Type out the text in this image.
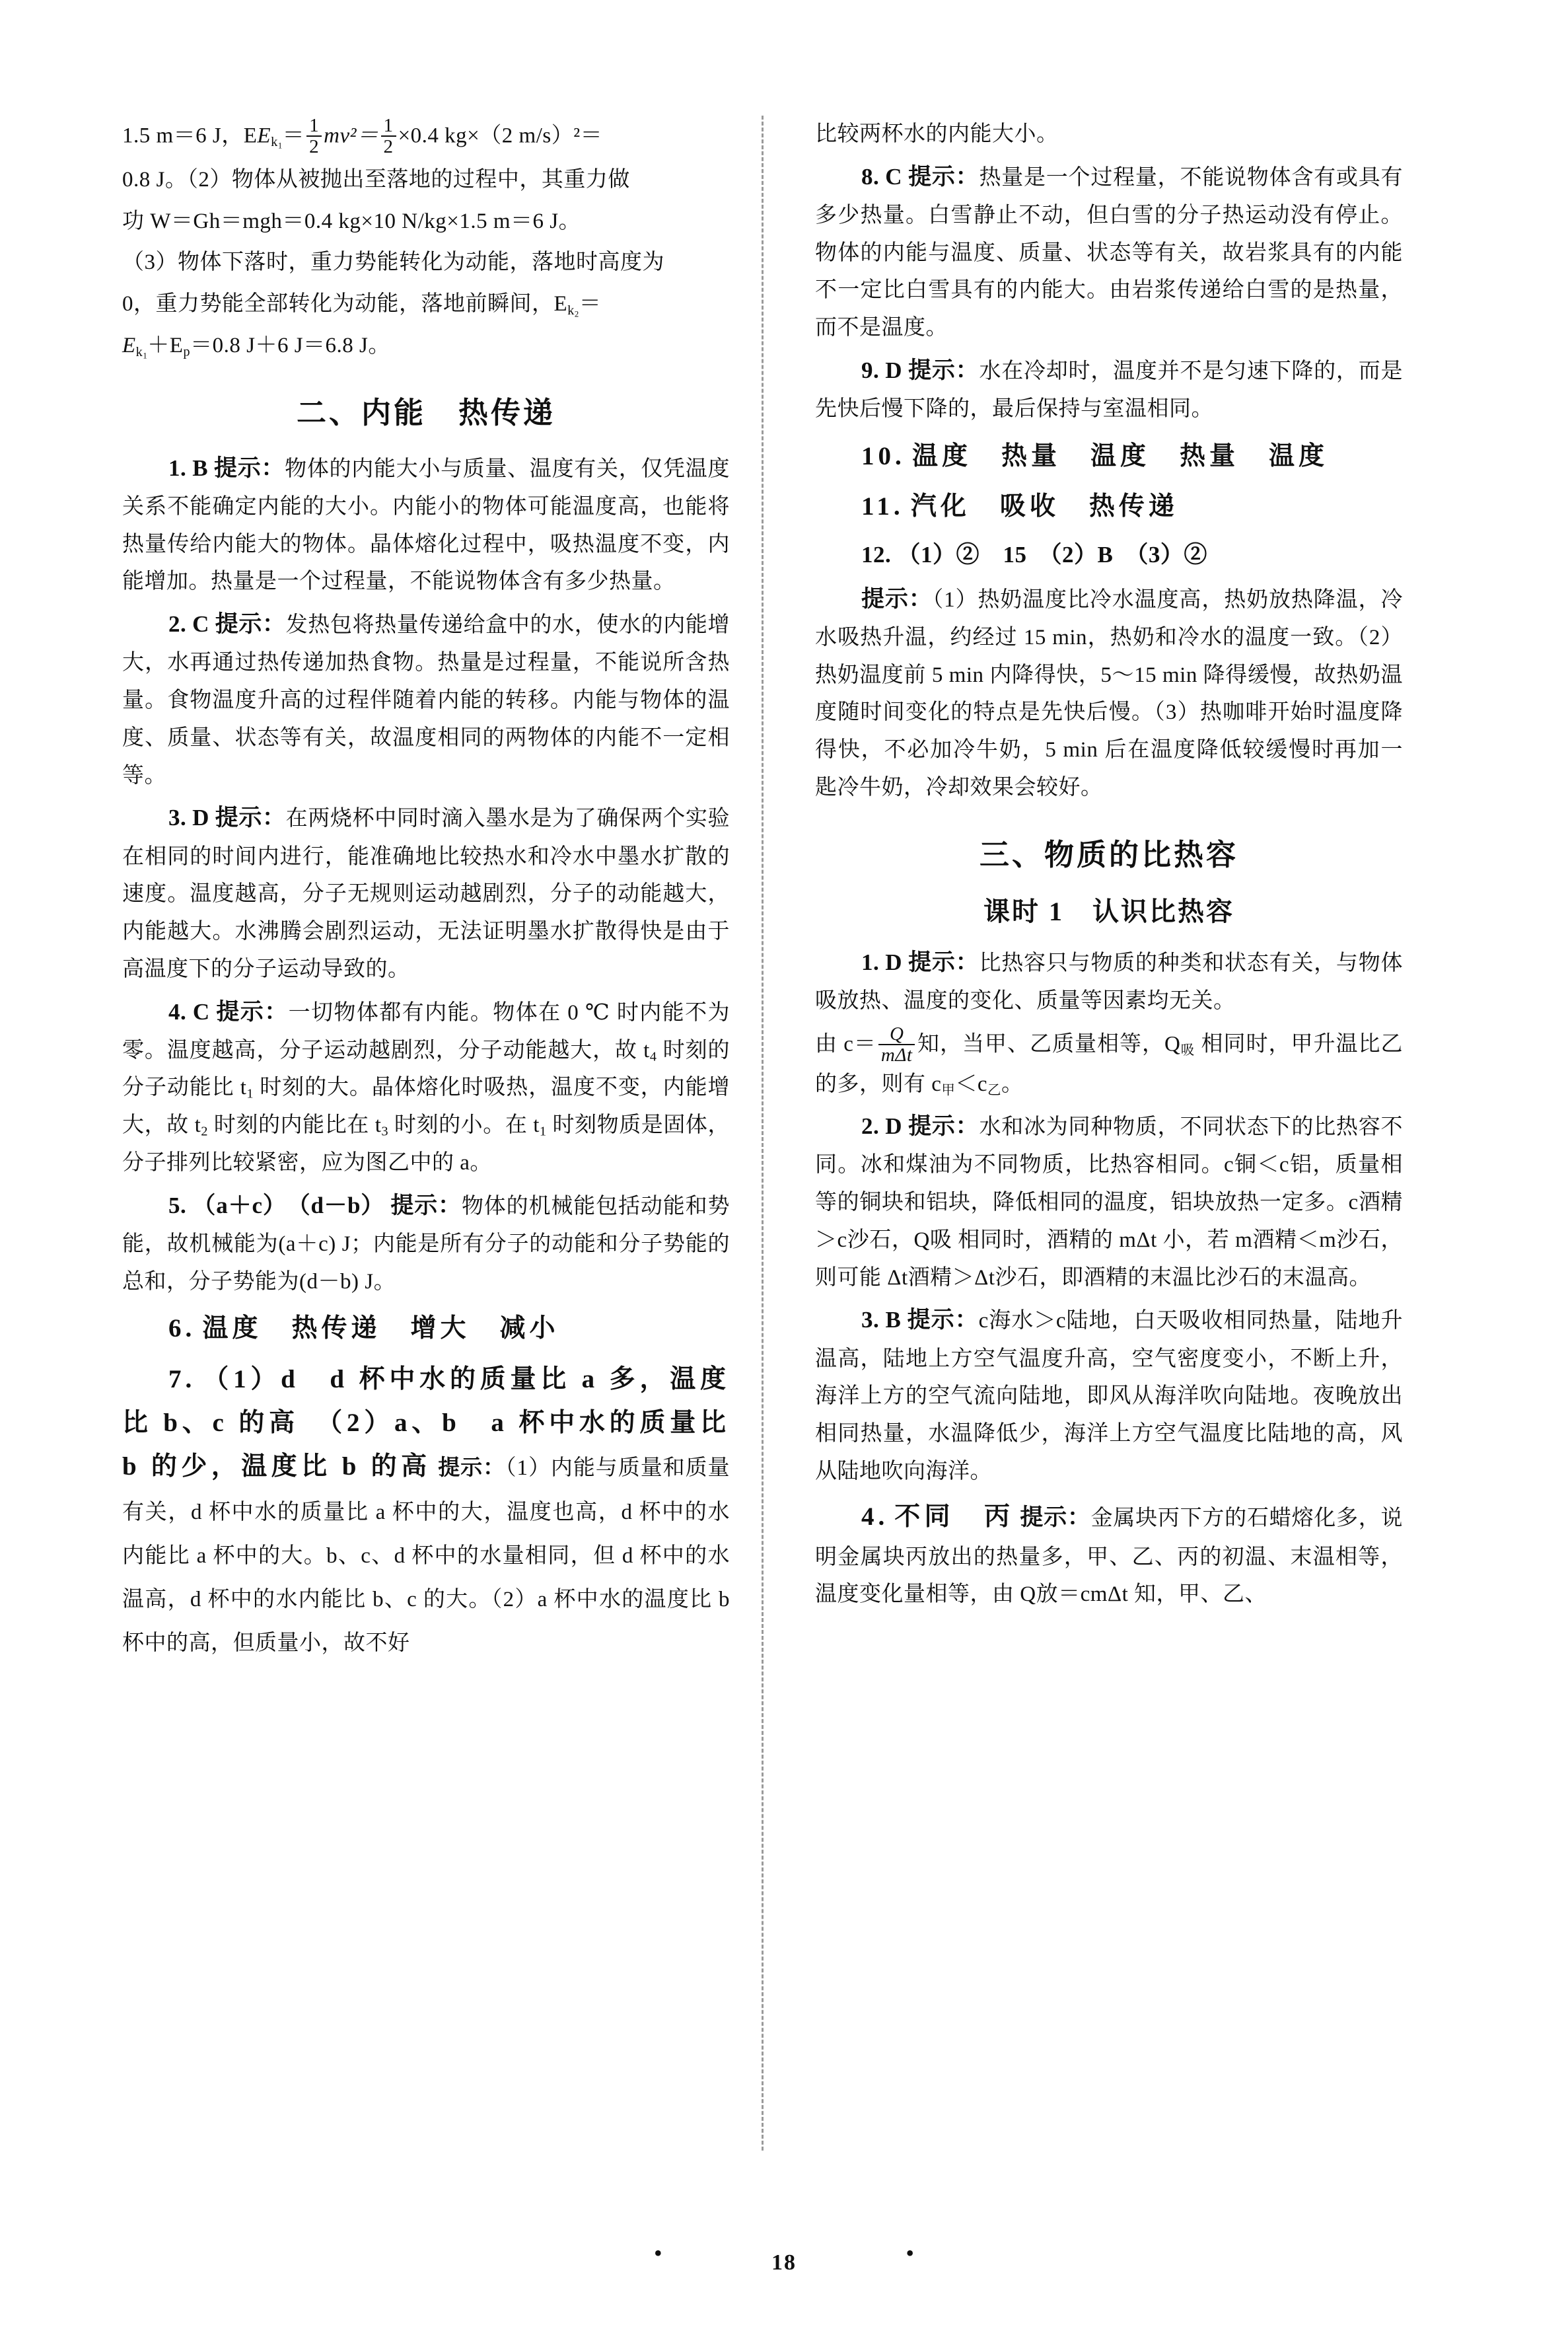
1.5 m＝6 J，$EE_{k_1}= \frac{1}{2} mv^2= \frac{1}{2} \times 0.4$ kg×（2 m/s）²＝

0.8 J。（2）物体从被抛出至落地的过程中，其重力做

功 W＝Gh＝mgh＝0.4 kg×10 N/kg×1.5 m＝6 J。

（3）物体下落时，重力势能转化为动能，落地时高度为

0，重力势能全部转化为动能，落地前瞬间，$E_{k_2}=$

$E_{k_1}+E_p=0.8$ J＋6 J＝6.8 J。

二、内能　热传递

1. B 提示：物体的内能大小与质量、温度有关，仅凭温度关系不能确定内能的大小。内能小的物体可能温度高，也能将热量传给内能大的物体。晶体熔化过程中，吸热温度不变，内能增加。热量是一个过程量，不能说物体含有多少热量。

2. C 提示：发热包将热量传递给盒中的水，使水的内能增大，水再通过热传递加热食物。热量是过程量，不能说所含热量。食物温度升高的过程伴随着内能的转移。内能与物体的温度、质量、状态等有关，故温度相同的两物体的内能不一定相等。

3. D 提示：在两烧杯中同时滴入墨水是为了确保两个实验在相同的时间内进行，能准确地比较热水和冷水中墨水扩散的速度。温度越高，分子无规则运动越剧烈，分子的动能越大，内能越大。水沸腾会剧烈运动，无法证明墨水扩散得快是由于高温度下的分子运动导致的。

4. C 提示：一切物体都有内能。物体在 0 ℃ 时内能不为零。温度越高，分子运动越剧烈，分子动能越大，故 $t_4$ 时刻的分子动能比 $t_1$ 时刻的大。晶体熔化时吸热，温度不变，内能增大，故 $t_2$ 时刻的内能比在 $t_3$ 时刻的小。在 $t_1$ 时刻物质是固体，分子排列比较紧密，应为图乙中的 a。

5. （a＋c）　（d－b） 提示：物体的机械能包括动能和势能，故机械能为(a＋c) J；内能是所有分子的动能和分子势能的总和，分子势能为(d－b) J。

6. 温度　热传递　增大　减小

7. （1）d　d 杯中水的质量比 a 多，温度比 b、c 的高　（2）a、b　a 杯中水的质量比 b 的少，温度比 b 的高 提示：（1）内能与质量和质量有关，d 杯中水的质量比 a 杯中的大，温度也高，d 杯中的水内能比 a 杯中的大。b、c、d 杯中的水量相同，但 d 杯中的水温高，d 杯中的水内能比 b、c 的大。（2）a 杯中水的温度比 b 杯中的高，但质量小，故不好

比较两杯水的内能大小。

8. C 提示：热量是一个过程量，不能说物体含有或具有多少热量。白雪静止不动，但白雪的分子热运动没有停止。物体的内能与温度、质量、状态等有关，故岩浆具有的内能不一定比白雪具有的内能大。由岩浆传递给白雪的是热量，而不是温度。

9. D 提示：水在冷却时，温度并不是匀速下降的，而是先快后慢下降的，最后保持与室温相同。

10. 温度　热量　温度　热量　温度

11. 汽化　吸收　热传递

12. （1）②　15　（2）B　（3）②

提示：（1）热奶温度比冷水温度高，热奶放热降温，冷水吸热升温，约经过 15 min，热奶和冷水的温度一致。（2）热奶温度前 5 min 内降得快，5～15 min 降得缓慢，故热奶温度随时间变化的特点是先快后慢。（3）热咖啡开始时温度降得快，不必加冷牛奶，5 min 后在温度降低较缓慢时再加一匙冷牛奶，冷却效果会较好。

三、物质的比热容
课时 1　认识比热容

1. D 提示：比热容只与物质的种类和状态有关，与物体吸放热、温度的变化、质量等因素均无关。

由 $c= \frac{Q}{\text{mΔt}}$ 知，当甲、乙质量相等，$Q_吸$ 相同时，甲升温比乙的多，则有 $c_甲<c_乙$。

2. D 提示：水和冰为同种物质，不同状态下的比热容不同。冰和煤油为不同物质，比热容相同。c铜＜c铝，质量相等的铜块和铝块，降低相同的温度，铝块放热一定多。c酒精＞c沙石，Q吸 相同时，酒精的 mΔt 小，若 m酒精＜m沙石，则可能 Δt酒精＞Δt沙石，即酒精的末温比沙石的末温高。

3. B 提示：c海水＞c陆地，白天吸收相同热量，陆地升温高，陆地上方空气温度升高，空气密度变小，不断上升，海洋上方的空气流向陆地，即风从海洋吹向陆地。夜晚放出相同热量，水温降低少，海洋上方空气温度比陆地的高，风从陆地吹向海洋。

4. 不同　丙 提示：金属块丙下方的石蜡熔化多，说明金属块丙放出的热量多，甲、乙、丙的初温、末温相等，温度变化量相等，由 Q放＝cmΔt 知，甲、乙、

•	18	•
